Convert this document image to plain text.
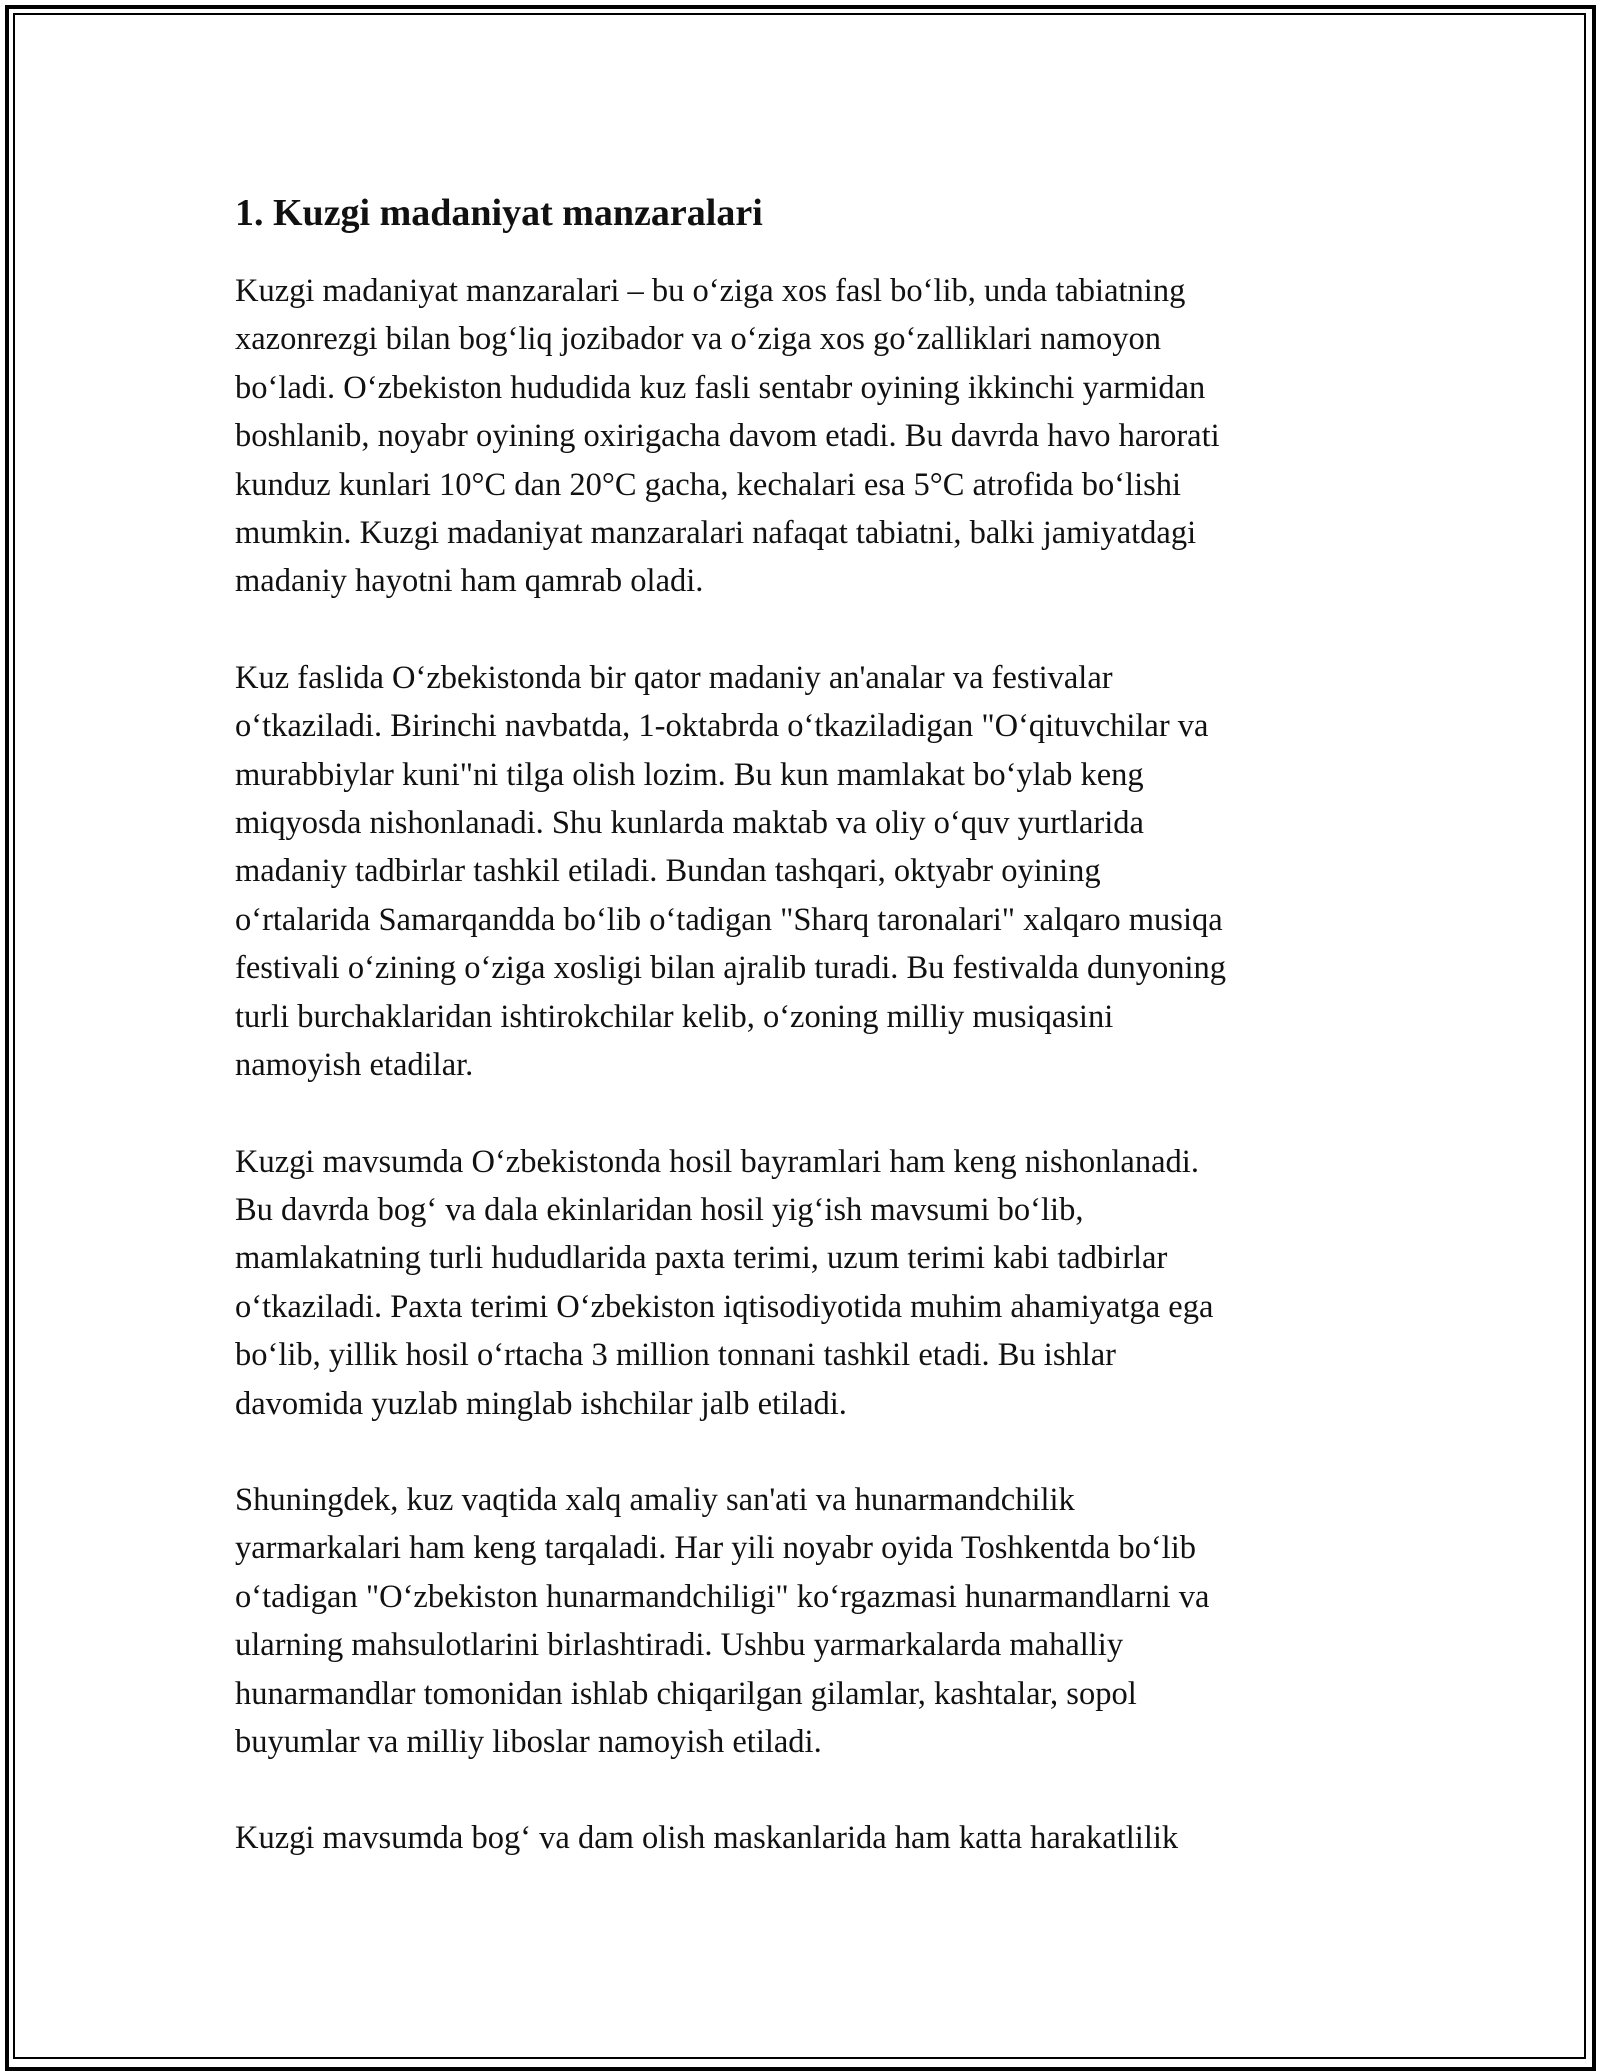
1. Kuzgi madaniyat manzaralari

Kuzgi madaniyat manzaralari – bu o‘ziga xos fasl bo‘lib, unda tabiatning
xazonrezgi bilan bog‘liq jozibador va o‘ziga xos go‘zalliklari namoyon
bo‘ladi. O‘zbekiston hududida kuz fasli sentabr oyining ikkinchi yarmidan
boshlanib, noyabr oyining oxirigacha davom etadi. Bu davrda havo harorati
kunduz kunlari 10°C dan 20°C gacha, kechalari esa 5°C atrofida bo‘lishi
mumkin. Kuzgi madaniyat manzaralari nafaqat tabiatni, balki jamiyatdagi
madaniy hayotni ham qamrab oladi.

Kuz faslida O‘zbekistonda bir qator madaniy an'analar va festivalar
o‘tkaziladi. Birinchi navbatda, 1-oktabrda o‘tkaziladigan "O‘qituvchilar va
murabbiylar kuni"ni tilga olish lozim. Bu kun mamlakat bo‘ylab keng
miqyosda nishonlanadi. Shu kunlarda maktab va oliy o‘quv yurtlarida
madaniy tadbirlar tashkil etiladi. Bundan tashqari, oktyabr oyining
o‘rtalarida Samarqandda bo‘lib o‘tadigan "Sharq taronalari" xalqaro musiqa
festivali o‘zining o‘ziga xosligi bilan ajralib turadi. Bu festivalda dunyoning
turli burchaklaridan ishtirokchilar kelib, o‘zoning milliy musiqasini
namoyish etadilar.

Kuzgi mavsumda O‘zbekistonda hosil bayramlari ham keng nishonlanadi.
Bu davrda bog‘ va dala ekinlaridan hosil yig‘ish mavsumi bo‘lib,
mamlakatning turli hududlarida paxta terimi, uzum terimi kabi tadbirlar
o‘tkaziladi. Paxta terimi O‘zbekiston iqtisodiyotida muhim ahamiyatga ega
bo‘lib, yillik hosil o‘rtacha 3 million tonnani tashkil etadi. Bu ishlar
davomida yuzlab minglab ishchilar jalb etiladi.

Shuningdek, kuz vaqtida xalq amaliy san'ati va hunarmandchilik
yarmarkalari ham keng tarqaladi. Har yili noyabr oyida Toshkentda bo‘lib
o‘tadigan "O‘zbekiston hunarmandchiligi" ko‘rgazmasi hunarmandlarni va
ularning mahsulotlarini birlashtiradi. Ushbu yarmarkalarda mahalliy
hunarmandlar tomonidan ishlab chiqarilgan gilamlar, kashtalar, sopol
buyumlar va milliy liboslar namoyish etiladi.

Kuzgi mavsumda bog‘ va dam olish maskanlarida ham katta harakatlilik
